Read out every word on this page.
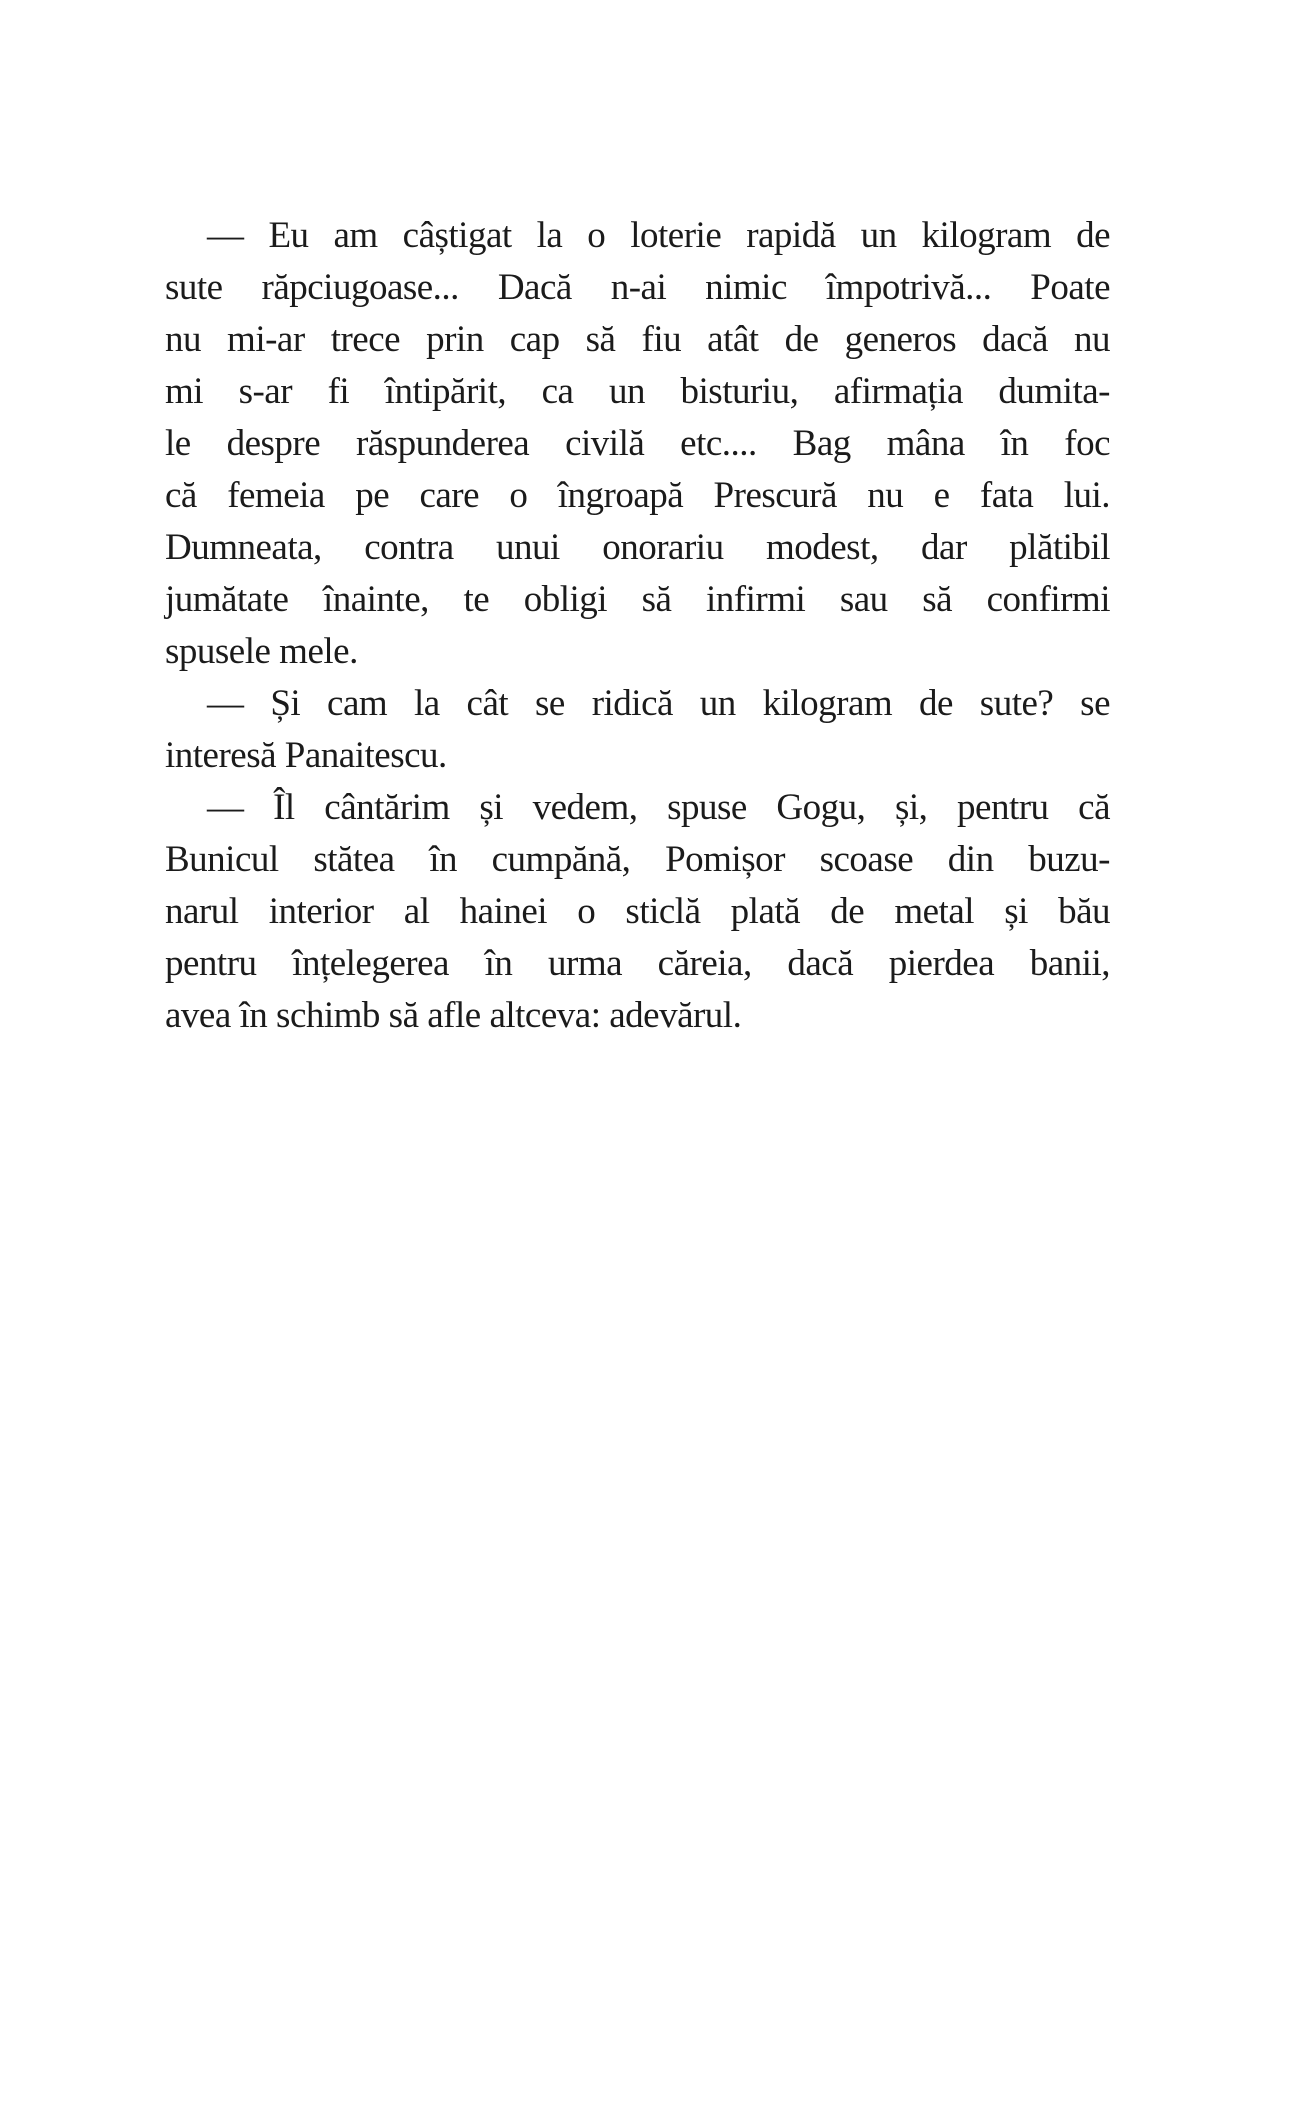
— Eu am câștigat la o loterie rapidă un kilogram de
sute răpciugoase... Dacă n-ai nimic împotrivă... Poate
nu mi-ar trece prin cap să fiu atât de generos dacă nu
mi s-ar fi întipărit, ca un bisturiu, afirmația dumita-
le despre răspunderea civilă etc.... Bag mâna în foc
că femeia pe care o îngroapă Prescură nu e fata lui.
Dumneata, contra unui onorariu modest, dar plătibil
jumătate înainte, te obligi să infirmi sau să confirmi
spusele mele.

— Și cam la cât se ridică un kilogram de sute? se
interesă Panaitescu.

— Îl cântărim și vedem, spuse Gogu, și, pentru că
Bunicul stătea în cumpănă, Pomișor scoase din buzu-
narul interior al hainei o sticlă plată de metal și bău
pentru înțelegerea în urma căreia, dacă pierdea banii,
avea în schimb să afle altceva: adevărul.
